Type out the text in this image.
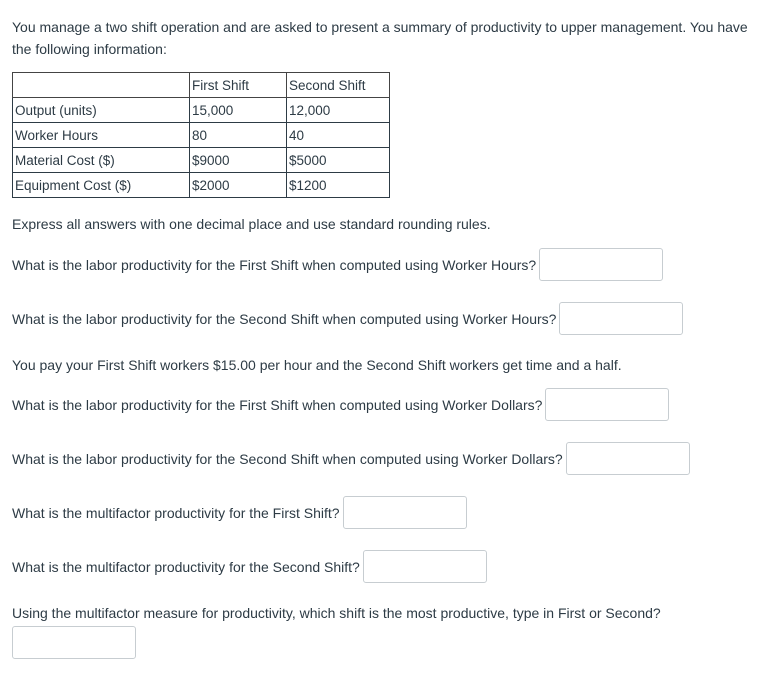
You manage a two shift operation and are asked to present a summary of productivity to upper management. You have the following information:

	First Shift	Second Shift
Output (units)	15,000	12,000
Worker Hours	80	40
Material Cost ($)	$9000	$5000
Equipment Cost ($)	$2000	$1200

Express all answers with one decimal place and use standard rounding rules.

What is the labor productivity for the First Shift when computed using Worker Hours?
What is the labor productivity for the Second Shift when computed using Worker Hours?

You pay your First Shift workers $15.00 per hour and the Second Shift workers get time and a half.

What is the labor productivity for the First Shift when computed using Worker Dollars?
What is the labor productivity for the Second Shift when computed using Worker Dollars?
What is the multifactor productivity for the First Shift?
What is the multifactor productivity for the Second Shift?

Using the multifactor measure for productivity, which shift is the most productive, type in First or Second?
